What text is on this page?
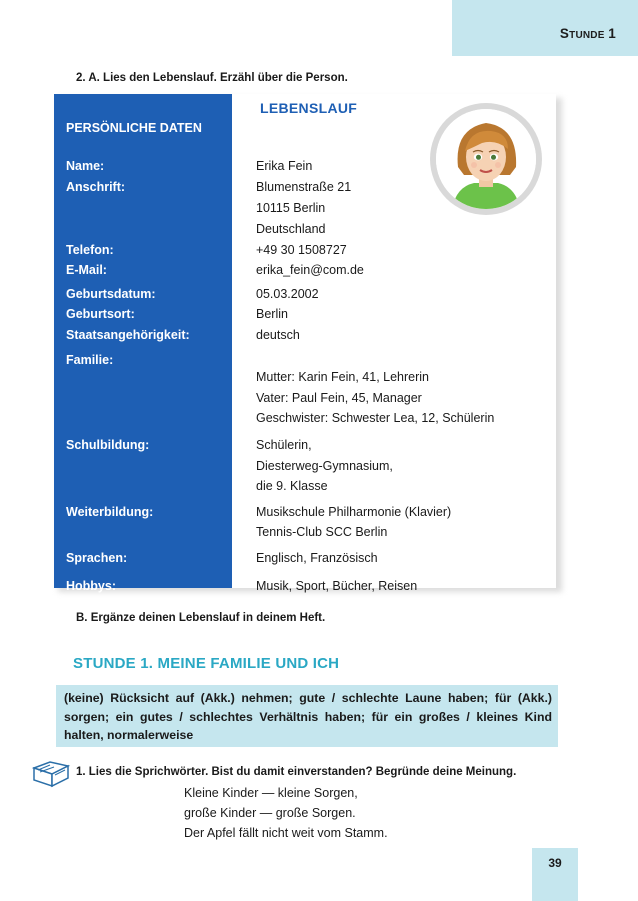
STUNDE 1
2. A. Lies den Lebenslauf. Erzähl über die Person.
LEBENSLAUF
PERSÖNLICHE DATEN
Name:	Erika Fein
Anschrift:	Blumenstraße 21
10115 Berlin
Deutschland
Telefon:	+49 30 1508727
E-Mail:	erika_fein@com.de
Geburtsdatum:	05.03.2002
Geburtsort:	Berlin
Staatsangehörigkeit:	deutsch
Familie:
Mutter: Karin Fein, 41, Lehrerin
Vater: Paul Fein, 45, Manager
Geschwister: Schwester Lea, 12, Schülerin
Schulbildung:	Schülerin,
Diesterweg-Gymnasium,
die 9. Klasse
Weiterbildung:	Musikschule Philharmonie (Klavier)
Tennis-Club SCC Berlin
Sprachen:	Englisch, Französisch
Hobbys:	Musik, Sport, Bücher, Reisen
B. Ergänze deinen Lebenslauf in deinem Heft.
STUNDE 1. MEINE FAMILIE UND ICH
(keine) Rücksicht auf (Akk.) nehmen; gute / schlechte Laune haben; für (Akk.) sorgen; ein gutes / schlechtes Verhältnis haben; für ein großes / kleines Kind halten, normalerweise
1. Lies die Sprichwörter. Bist du damit einverstanden? Begründe deine Meinung.
Kleine Kinder — kleine Sorgen,
große Kinder — große Sorgen.
Der Apfel fällt nicht weit vom Stamm.
39
